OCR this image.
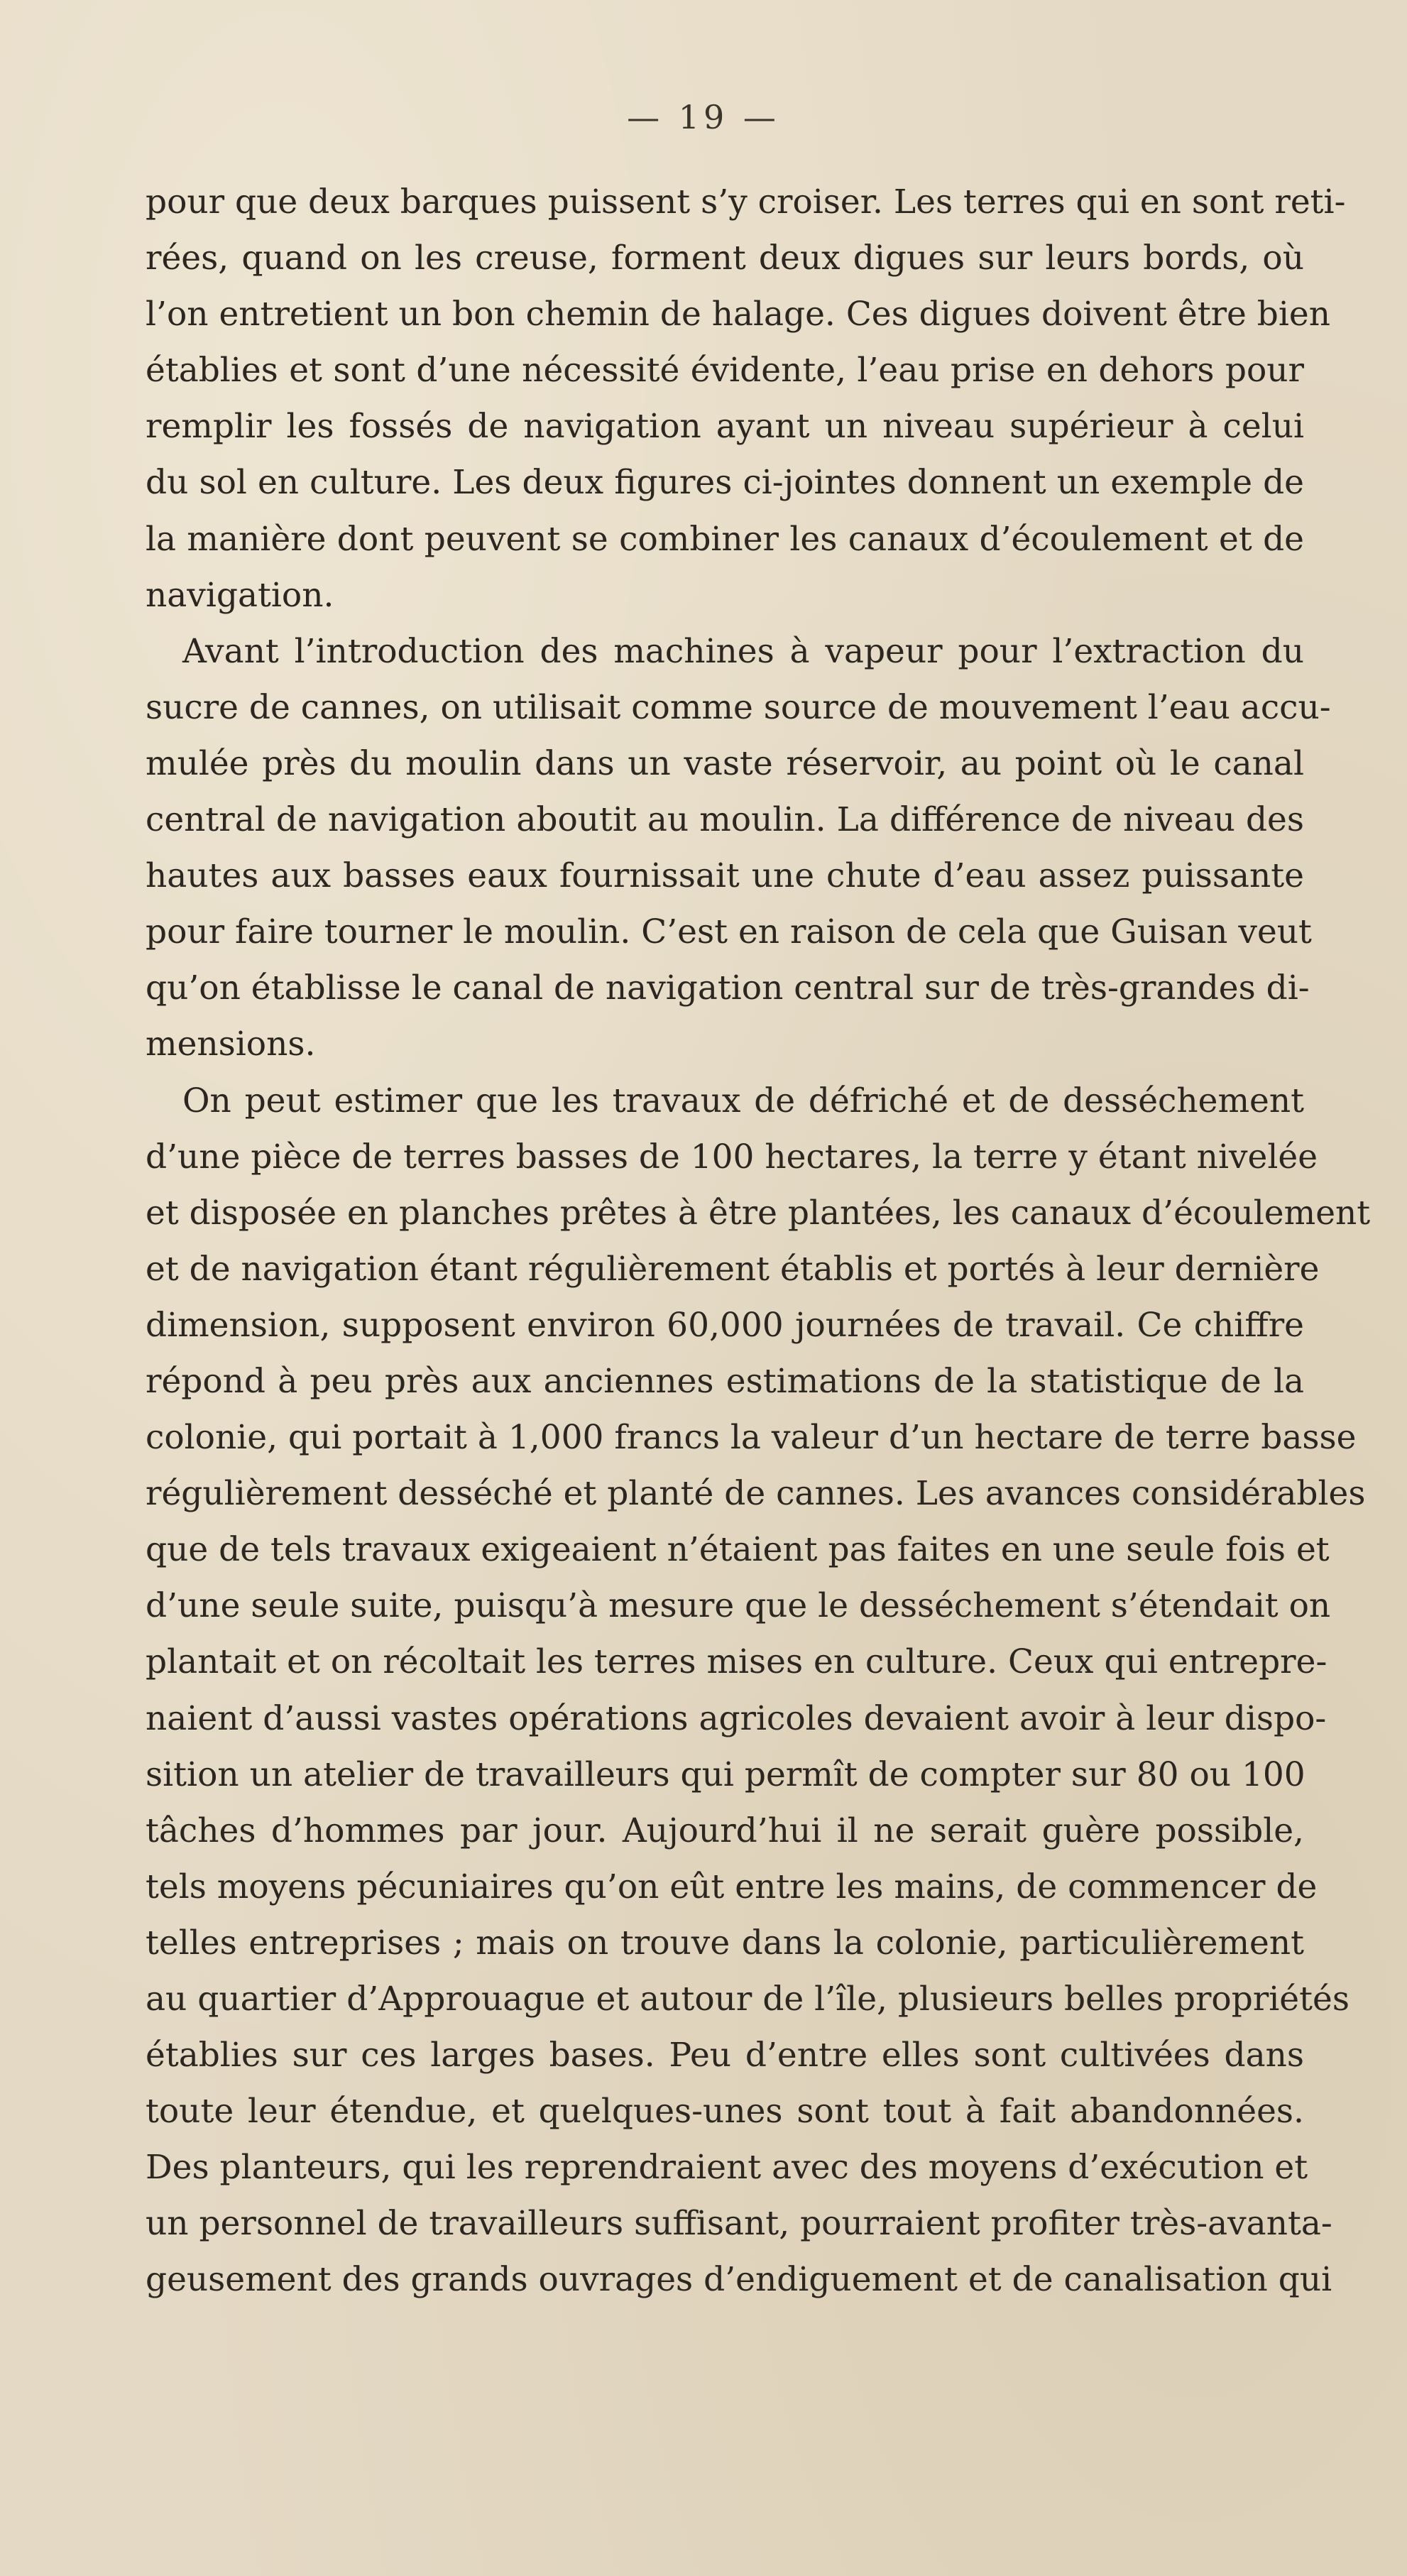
— 19 —
pour que deux barques puissent s’y croiser. Les terres qui en sont reti-
rées, quand on les creuse, forment deux digues sur leurs bords, où
l’on entretient un bon chemin de halage. Ces digues doivent être bien
établies et sont d’une nécessité évidente, l’eau prise en dehors pour
remplir les fossés de navigation ayant un niveau supérieur à celui
du sol en culture. Les deux figures ci-jointes donnent un exemple de
la manière dont peuvent se combiner les canaux d’écoulement et de
navigation.
Avant l’introduction des machines à vapeur pour l’extraction du
sucre de cannes, on utilisait comme source de mouvement l’eau accu-
mulée près du moulin dans un vaste réservoir, au point où le canal
central de navigation aboutit au moulin. La différence de niveau des
hautes aux basses eaux fournissait une chute d’eau assez puissante
pour faire tourner le moulin. C’est en raison de cela que Guisan veut
qu’on établisse le canal de navigation central sur de très-grandes di-
mensions.
On peut estimer que les travaux de défriché et de desséchement
d’une pièce de terres basses de 100 hectares, la terre y étant nivelée
et disposée en planches prêtes à être plantées, les canaux d’écoulement
et de navigation étant régulièrement établis et portés à leur dernière
dimension, supposent environ 60,000 journées de travail. Ce chiffre
répond à peu près aux anciennes estimations de la statistique de la
colonie, qui portait à 1,000 francs la valeur d’un hectare de terre basse
régulièrement desséché et planté de cannes. Les avances considérables
que de tels travaux exigeaient n’étaient pas faites en une seule fois et
d’une seule suite, puisqu’à mesure que le desséchement s’étendait on
plantait et on récoltait les terres mises en culture. Ceux qui entrepre-
naient d’aussi vastes opérations agricoles devaient avoir à leur dispo-
sition un atelier de travailleurs qui permît de compter sur 80 ou 100
tâches d’hommes par jour. Aujourd’hui il ne serait guère possible,
tels moyens pécuniaires qu’on eût entre les mains, de commencer de
telles entreprises ; mais on trouve dans la colonie, particulièrement
au quartier d’Approuague et autour de l’île, plusieurs belles propriétés
établies sur ces larges bases. Peu d’entre elles sont cultivées dans
toute leur étendue, et quelques-unes sont tout à fait abandonnées.
Des planteurs, qui les reprendraient avec des moyens d’exécution et
un personnel de travailleurs suffisant, pourraient profiter très-avanta-
geusement des grands ouvrages d’endiguement et de canalisation qui
